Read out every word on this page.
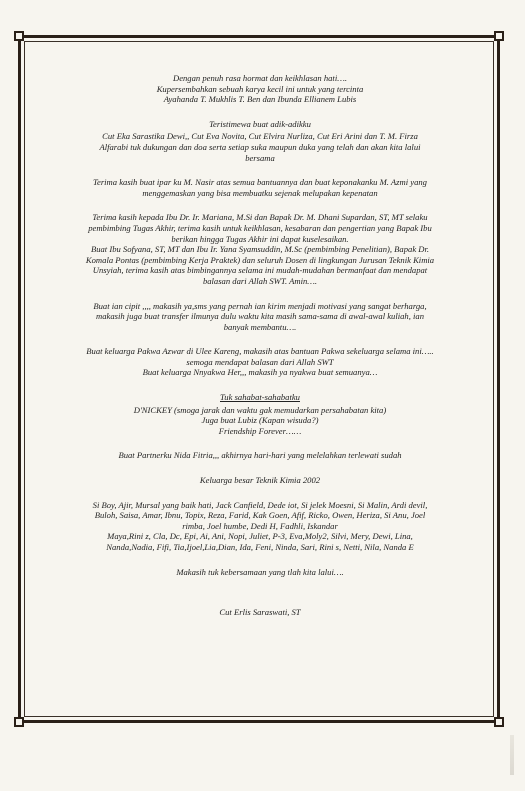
Dengan penuh rasa hormat dan keikhlasan hati….
Kupersembahkan sebuah karya kecil ini untuk yang tercinta
Ayahanda T. Mukhlis T. Ben dan Ibunda Ellianem Lubis
Teristimewa buat adik-adikku
Cut Eka Sarastika Dewi,, Cut Eva Novita, Cut Elvira Nurliza, Cut Eri Arini dan T. M. Firza
Alfarabi tuk dukungan dan doa serta setiap suka maupun duka yang telah dan akan kita lalui
bersama
Terima kasih buat ipar ku M. Nasir atas semua bantuannya dan buat keponakanku M. Azmi yang
menggemaskan yang bisa membuatku sejenak melupakan kepenatan
Terima kasih kepada Ibu Dr. Ir. Mariana, M.Si dan Bapak Dr. M. Dhani Supardan, ST, MT selaku
pembimbing Tugas Akhir, terima kasih untuk keikhlasan, kesabaran dan pengertian yang Bapak Ibu
berikan hingga Tugas Akhir ini dapat kuselesaikan.
Buat Ibu Sofyana, ST, MT dan Ibu Ir. Yana Syamsuddin, M.Sc (pembimbing Penelitian), Bapak Dr.
Komala Pontas (pembimbing Kerja Praktek) dan seluruh Dosen di lingkungan Jurusan Teknik Kimia
Unsyiah, terima kasih atas bimbingannya selama ini mudah-mudahan bermanfaat dan mendapat
balasan dari Allah SWT. Amin….
Buat ian cipit ,,,, makasih ya,sms yang pernah ian kirim menjadi motivasi yang sangat berharga,
makasih juga buat transfer ilmunya dulu waktu kita masih sama-sama di awal-awal kuliah, ian
banyak membantu….
Buat keluarga Pakwa Azwar di Ulee Kareng, makasih atas bantuan Pakwa sekeluarga selama ini…..
semoga mendapat balasan dari Allah SWT
Buat keluarga Nnyakwa Her,,, makasih ya nyakwa buat semuanya…
Tuk sahabat-sahabatku
D'NICKEY (smoga jarak dan waktu gak memudarkan persahabatan kita)
Juga buat Lubiz (Kapan wisuda?)
Friendship Forever……
Buat Partnerku Nida Fitria,,, akhirnya hari-hari yang melelahkan terlewati sudah
Keluarga besar Teknik Kimia 2002
Si Boy, Ajir, Mursal yang baik hati, Jack Canfield, Dede iot, Si jelek Moesni, Si Malin, Ardi devil,
Buloh, Saisa, Amar, Ibnu, Topix, Reza, Farid, Kak Goen, Afif, Ricko, Owen, Heriza, Si Anu, Joel
rimba, Joel humbe, Dedi H, Fadhli, Iskandar
Maya,Rini z, Cla, Dc, Epi, Ai, Ani, Nopi, Juliet, P-3, Eva,Moly2, Silvi, Mery, Dewi, Lina,
Nanda,Nadia, Fifi, Tia,Ijoel,Lia,Dian, Ida, Feni, Ninda, Sari, Rini s, Netti, Nila, Nanda E
Makasih tuk kebersamaan yang tlah kita lalui….
Cut Erlis Saraswati, ST
